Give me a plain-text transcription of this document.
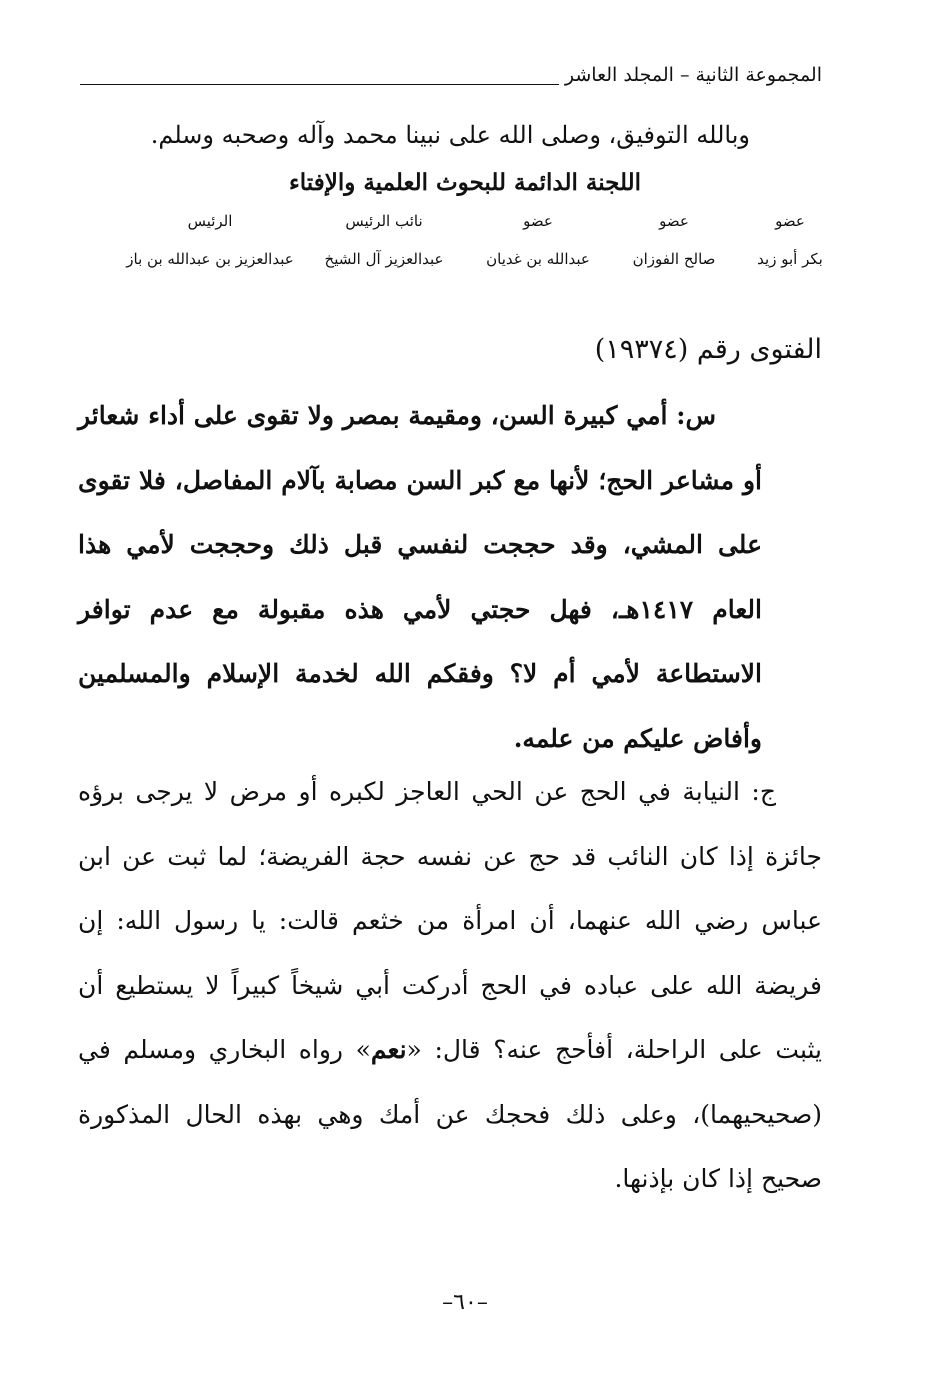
المجموعة الثانية – المجلد العاشر
وبالله التوفيق، وصلى الله على نبينا محمد وآله وصحبه وسلم.
اللجنة الدائمة للبحوث العلمية والإفتاء
عضو
بكر أبو زيد
عضو
صالح الفوزان
عضو
عبدالله بن غديان
نائب الرئيس
عبدالعزيز آل الشيخ
الرئيس
عبدالعزيز بن عبدالله بن باز
الفتوى رقم (١٩٣٧٤)

س: أمي كبيرة السن، ومقيمة بمصر ولا تقوى على أداء شعائر أو مشاعر الحج؛ لأنها مع كبر السن مصابة بآلام المفاصل، فلا تقوى على المشي، وقد حججت لنفسي قبل ذلك وحججت لأمي هذا العام ١٤١٧هـ، فهل حجتي لأمي هذه مقبولة مع عدم توافر الاستطاعة لأمي أم لا؟ وفقكم الله لخدمة الإسلام والمسلمين وأفاض عليكم من علمه.

ج: النيابة في الحج عن الحي العاجز لكبره أو مرض لا يرجى برؤه جائزة إذا كان النائب قد حج عن نفسه حجة الفريضة؛ لما ثبت عن ابن عباس رضي الله عنهما، أن امرأة من خثعم قالت: يا رسول الله: إن فريضة الله على عباده في الحج أدركت أبي شيخاً كبيراً لا يستطيع أن يثبت على الراحلة، أفأحج عنه؟ قال: «نعم» رواه البخاري ومسلم في (صحيحيهما)، وعلى ذلك فحجك عن أمك وهي بهذه الحال المذكورة صحيح إذا كان بإذنها.

–٦٠–
